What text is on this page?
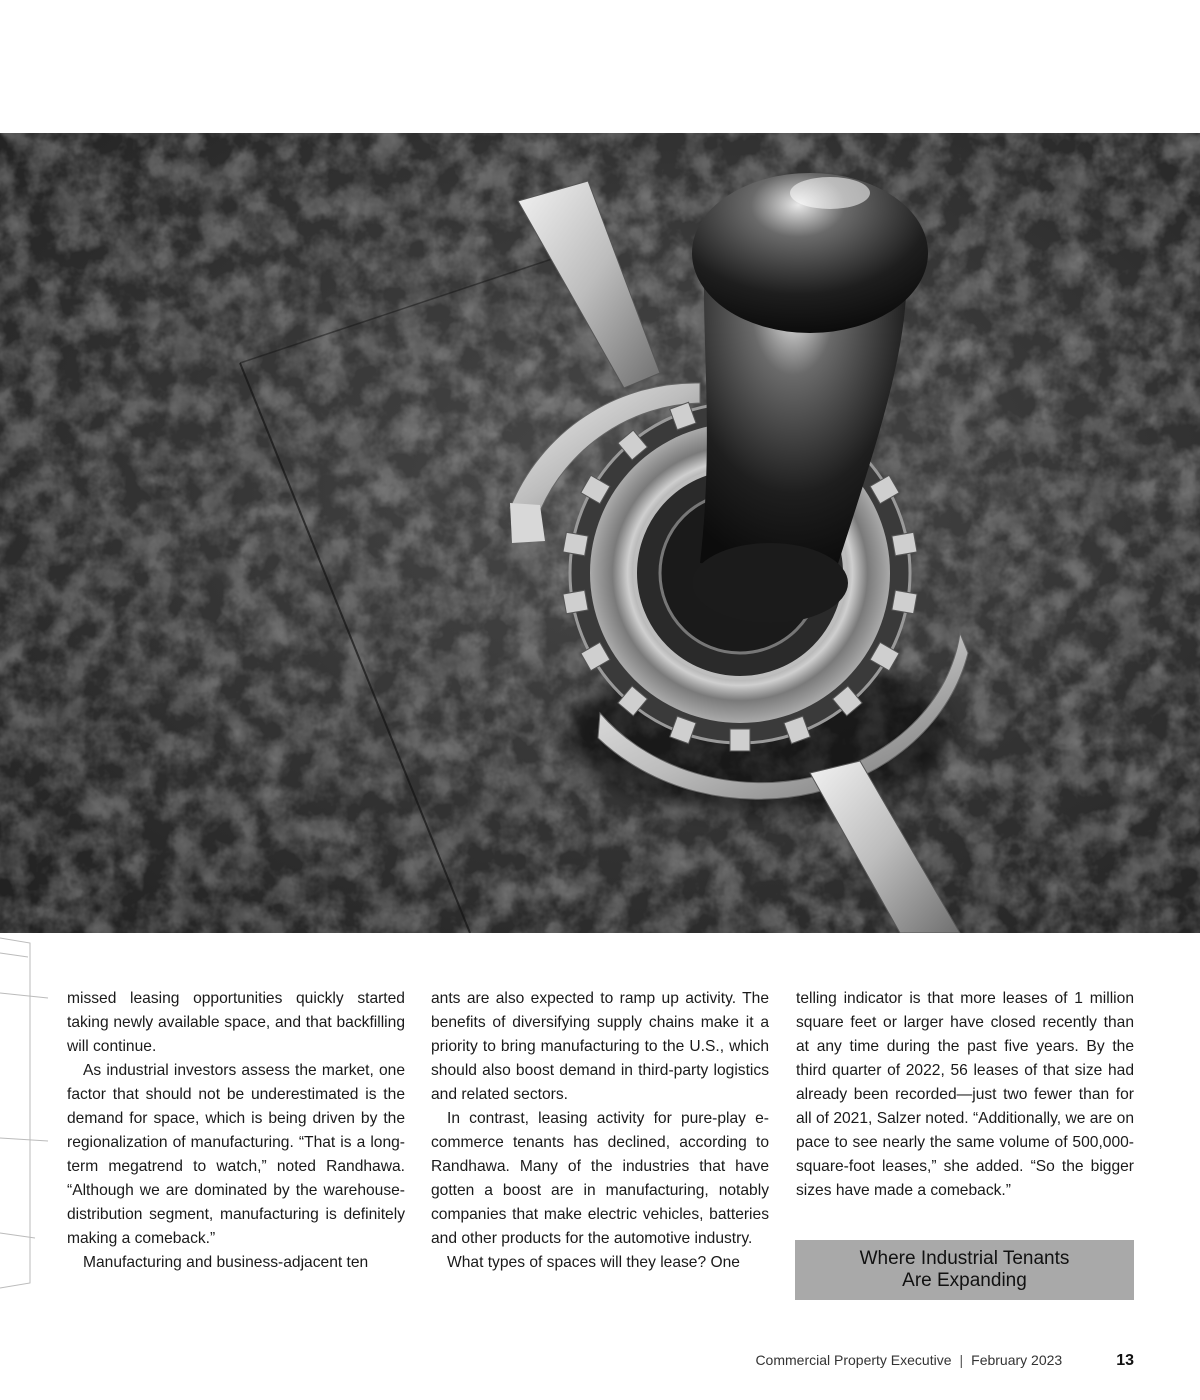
missed leasing opportunities quickly started taking newly available space, and that backfilling will continue.

As industrial investors assess the market, one factor that should not be underestimated is the demand for space, which is being driven by the regionalization of manufacturing. “That is a long-term megatrend to watch,” noted Randhawa. “Although we are dominated by the warehouse-distribution segment, manufacturing is definitely making a comeback.”

Manufacturing and business-adjacent ten

ants are also expected to ramp up activity. The benefits of diversifying supply chains make it a priority to bring manufacturing to the U.S., which should also boost demand in third-party logistics and related sectors.

In contrast, leasing activity for pure-play e-commerce tenants has declined, according to Randhawa. Many of the industries that have gotten a boost are in manufacturing, notably companies that make electric vehicles, batteries and other products for the automotive industry.

What types of spaces will they lease? One

telling indicator is that more leases of 1 million square feet or larger have closed recently than at any time during the past five years. By the third quarter of 2022, 56 leases of that size had already been recorded—just two fewer than for all of 2021, Salzer noted. “Additionally, we are on pace to see nearly the same volume of 500,000-square-foot leases,” she added. “So the bigger sizes have made a comeback.”

Where Industrial Tenants
Are Expanding
Commercial Property Executive | February 2023	13
